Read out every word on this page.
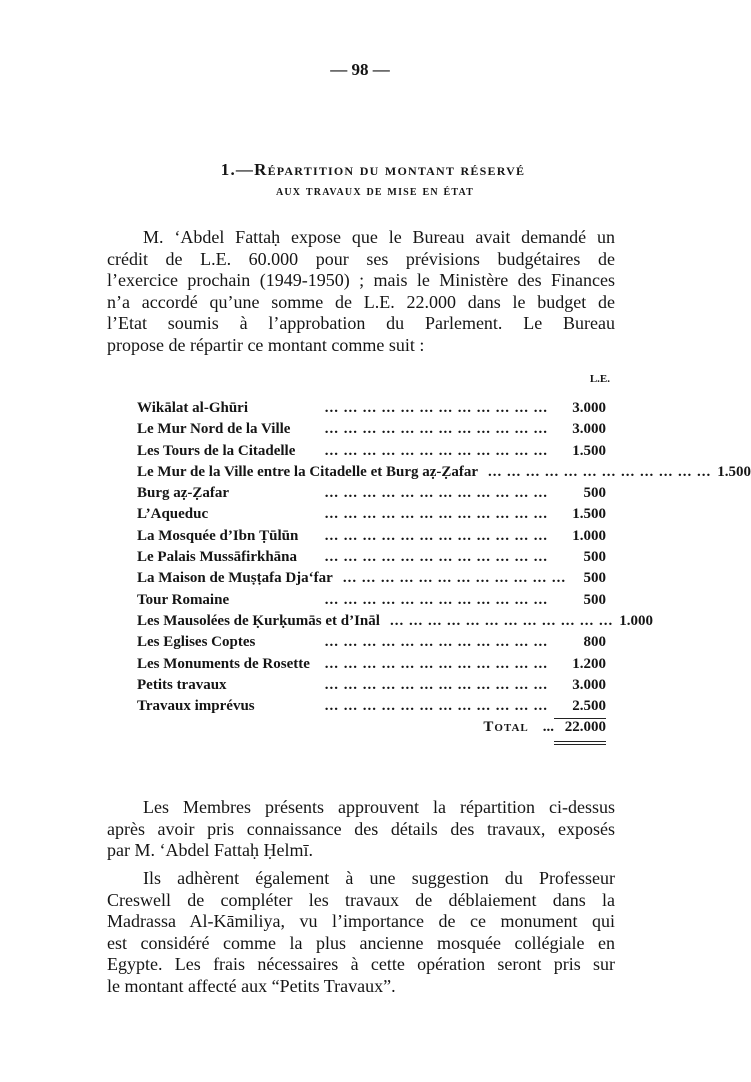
— 98 —
1.—Répartition du montant réservé
aux travaux de mise en état
M. ‘Abdel Fattaḥ expose que le Bureau avait demandé un
crédit de L.E. 60.000 pour ses prévisions budgétaires de
l’exercice prochain (1949-1950) ; mais le Ministère des Finances
n’a accordé qu’une somme de L.E. 22.000 dans le budget de
l’Etat soumis à l’approbation du Parlement. Le Bureau
propose de répartir ce montant comme suit :
L.E.
Wikālat al-Ghūri	... ... ... ... ... ... ... ... ... ... ... ...	3.000
Le Mur Nord de la Ville	... ... ... ... ... ... ... ... ... ... ... ...	3.000
Les Tours de la Citadelle	... ... ... ... ... ... ... ... ... ... ... ...	1.500
Le Mur de la Ville entre la Citadelle et Burg aẓ-Ẓafar ... ... ... ... ... ... ... ... ... ... ... ... 1.500
Burg aẓ-Ẓafar	... ... ... ... ... ... ... ... ... ... ... ...	500
L’Aqueduc	... ... ... ... ... ... ... ... ... ... ... ...	1.500
La Mosquée d’Ibn Ṭūlūn	... ... ... ... ... ... ... ... ... ... ... ...	1.000
Le Palais Mussāfirkhāna	... ... ... ... ... ... ... ... ... ... ... ...	500
La Maison de Muṣṭafa Dja‘far ... ... ... ... ... ... ... ... ... ... ... ...	500
Tour Romaine	... ... ... ... ... ... ... ... ... ... ... ...	500
Les Mausolées de Ḳurḳumās et d’Ināl ... ... ... ... ... ... ... ... ... ... ... ... 1.000
Les Eglises Coptes	... ... ... ... ... ... ... ... ... ... ... ...	800
Les Monuments de Rosette ... ... ... ... ... ... ... ... ... ... ... ...	1.200
Petits travaux	... ... ... ... ... ... ... ... ... ... ... ...	3.000
Travaux imprévus	... ... ... ... ... ... ... ... ... ... ... ...	2.500
Total ... 22.000
Les Membres présents approuvent la répartition ci-dessus
après avoir pris connaissance des détails des travaux, exposés
par M. ‘Abdel Fattaḥ Ḥelmī.
Ils adhèrent également à une suggestion du Professeur
Creswell de compléter les travaux de déblaiement dans la
Madrassa Al-Kāmiliya, vu l’importance de ce monument qui
est considéré comme la plus ancienne mosquée collégiale en
Egypte. Les frais nécessaires à cette opération seront pris sur
le montant affecté aux “Petits Travaux”.
